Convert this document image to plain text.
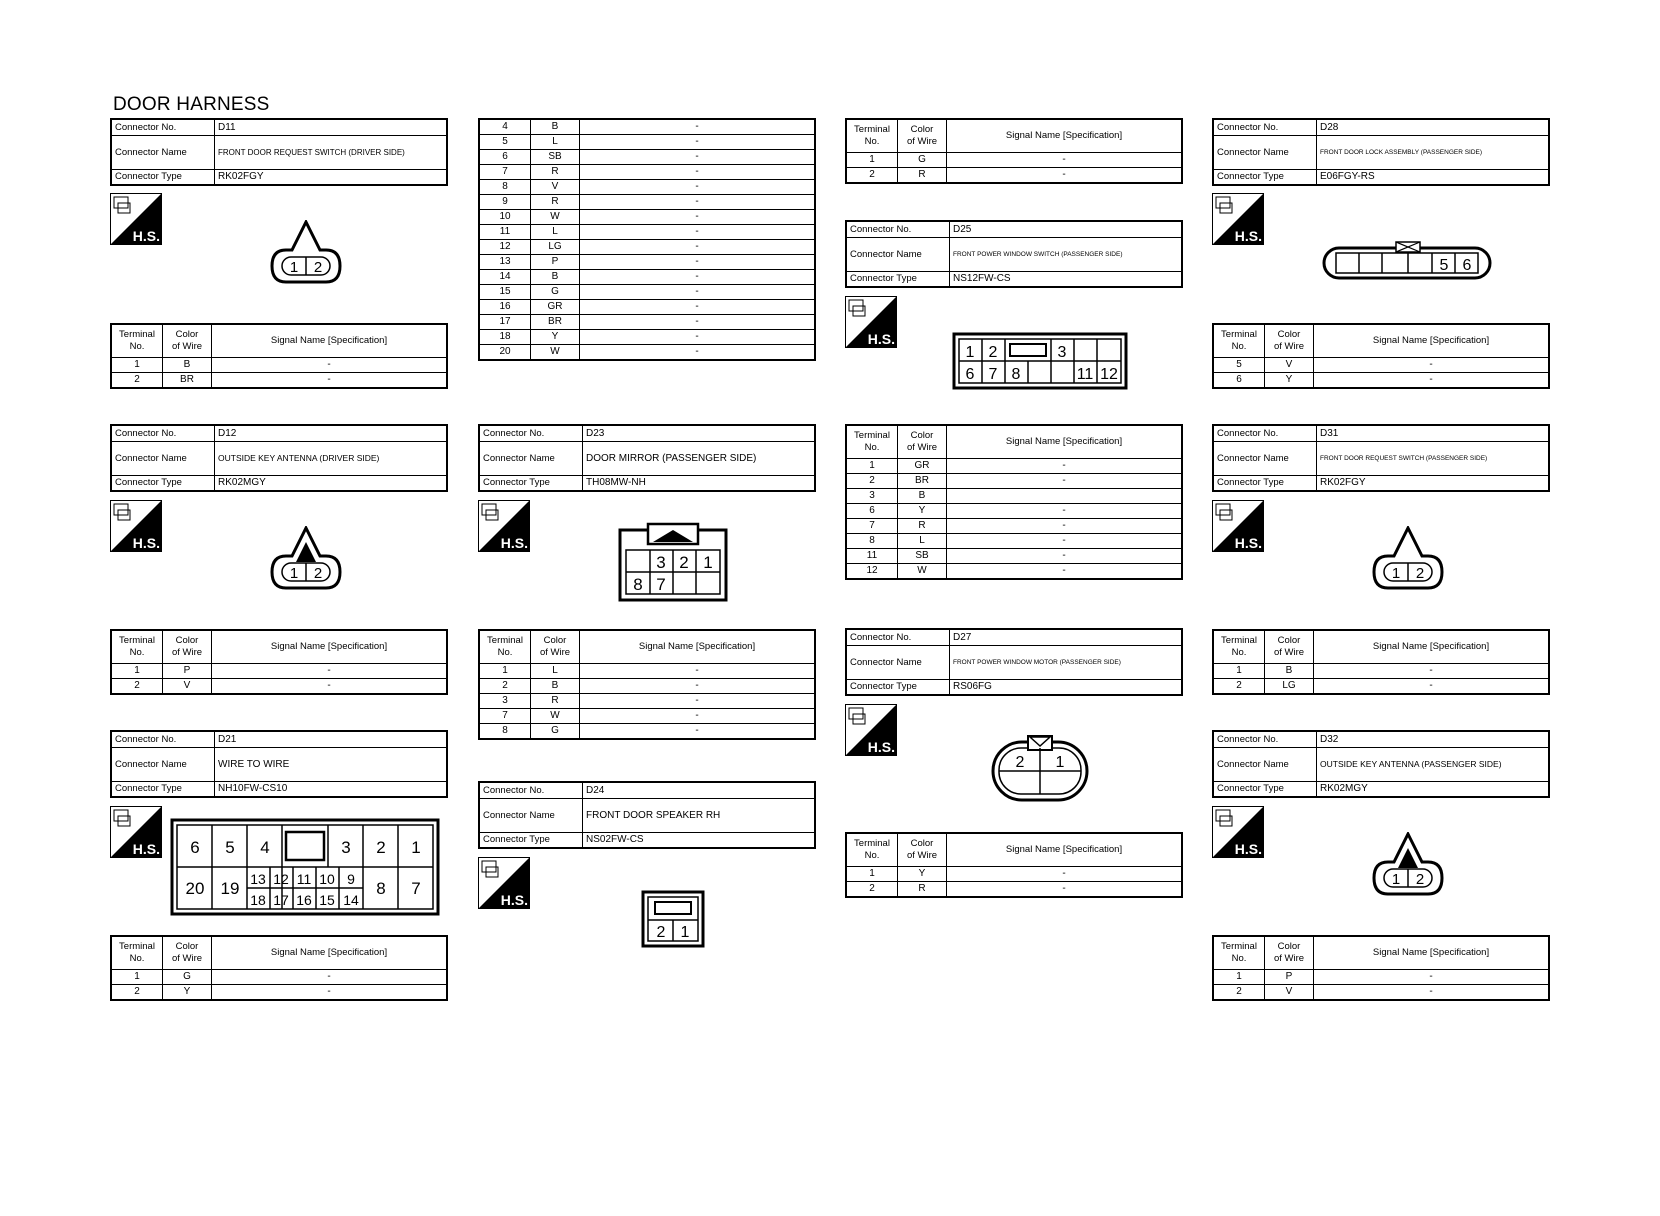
DOOR HARNESS
Connector No.	D11
Connector Name	FRONT DOOR REQUEST SWITCH (DRIVER SIDE)
Connector Type	RK02FGY
H.S.
1 2
Terminal
No.	Color
of Wire	Signal Name [Specification]
1	B	-
2	BR	-
Connector No.	D12
Connector Name	OUTSIDE KEY ANTENNA (DRIVER SIDE)
Connector Type	RK02MGY
H.S.
1 2
Terminal
No.	Color
of Wire	Signal Name [Specification]
1	P	-
2	V	-
Connector No.	D21
Connector Name	WIRE TO WIRE
Connector Type	NH10FW-CS10
H.S. 6 5 4	3 2 1
20 19	8 7
13 12 11 10 9
18 17 16 15 14
Terminal
No.	Color
of Wire	Signal Name [Specification]
1	G	-
2	Y	-
4	B	-
5	L	-
6	SB	-
7	R	-
8	V	-
9	R	-
10	W	-
11	L	-
12	LG	-
13	P	-
14	B	-
15	G	-
16	GR	-
17	BR	-
18	Y	-
20	W	-
Connector No.	D23
Connector Name	DOOR MIRROR (PASSENGER SIDE)
Connector Type	TH08MW-NH
H.S.
3 2 1
8 7
Terminal
No.	Color
of Wire	Signal Name [Specification]
1	L	-
2	B	-
3	R	-
7	W	-
8	G	-
Connector No.	D24
Connector Name	FRONT DOOR SPEAKER RH
Connector Type	NS02FW-CS
H.S.
2 1
Terminal
No.	Color
of Wire	Signal Name [Specification]
1	G	-
2	R	-
Connector No.	D25
Connector Name	FRONT POWER WINDOW SWITCH (PASSENGER SIDE)
Connector Type	NS12FW-CS
H.S.
1 2	3
6 7 8	11 12
Terminal
No.	Color
of Wire	Signal Name [Specification]
1	GR	-
2	BR	-
3	B	
6	Y	-
7	R	-
8	L	-
11	SB	-
12	W	-
Connector No.	D27
Connector Name	FRONT POWER WINDOW MOTOR (PASSENGER SIDE)
Connector Type	RS06FG
H.S.
2 1
Terminal
No.	Color
of Wire	Signal Name [Specification]
1	Y	-
2	R	-
Connector No.	D28
Connector Name	FRONT DOOR LOCK ASSEMBLY (PASSENGER SIDE)
Connector Type	E06FGY-RS
H.S.
5 6
Terminal
No.	Color
of Wire	Signal Name [Specification]
5	V	-
6	Y	-
Connector No.	D31
Connector Name	FRONT DOOR REQUEST SWITCH (PASSENGER SIDE)
Connector Type	RK02FGY
H.S.
1 2
Terminal
No.	Color
of Wire	Signal Name [Specification]
1	B	-
2	LG	-
Connector No.	D32
Connector Name	OUTSIDE KEY ANTENNA (PASSENGER SIDE)
Connector Type	RK02MGY
H.S.
1 2
Terminal
No.	Color
of Wire	Signal Name [Specification]
1	P	-
2	V	-
